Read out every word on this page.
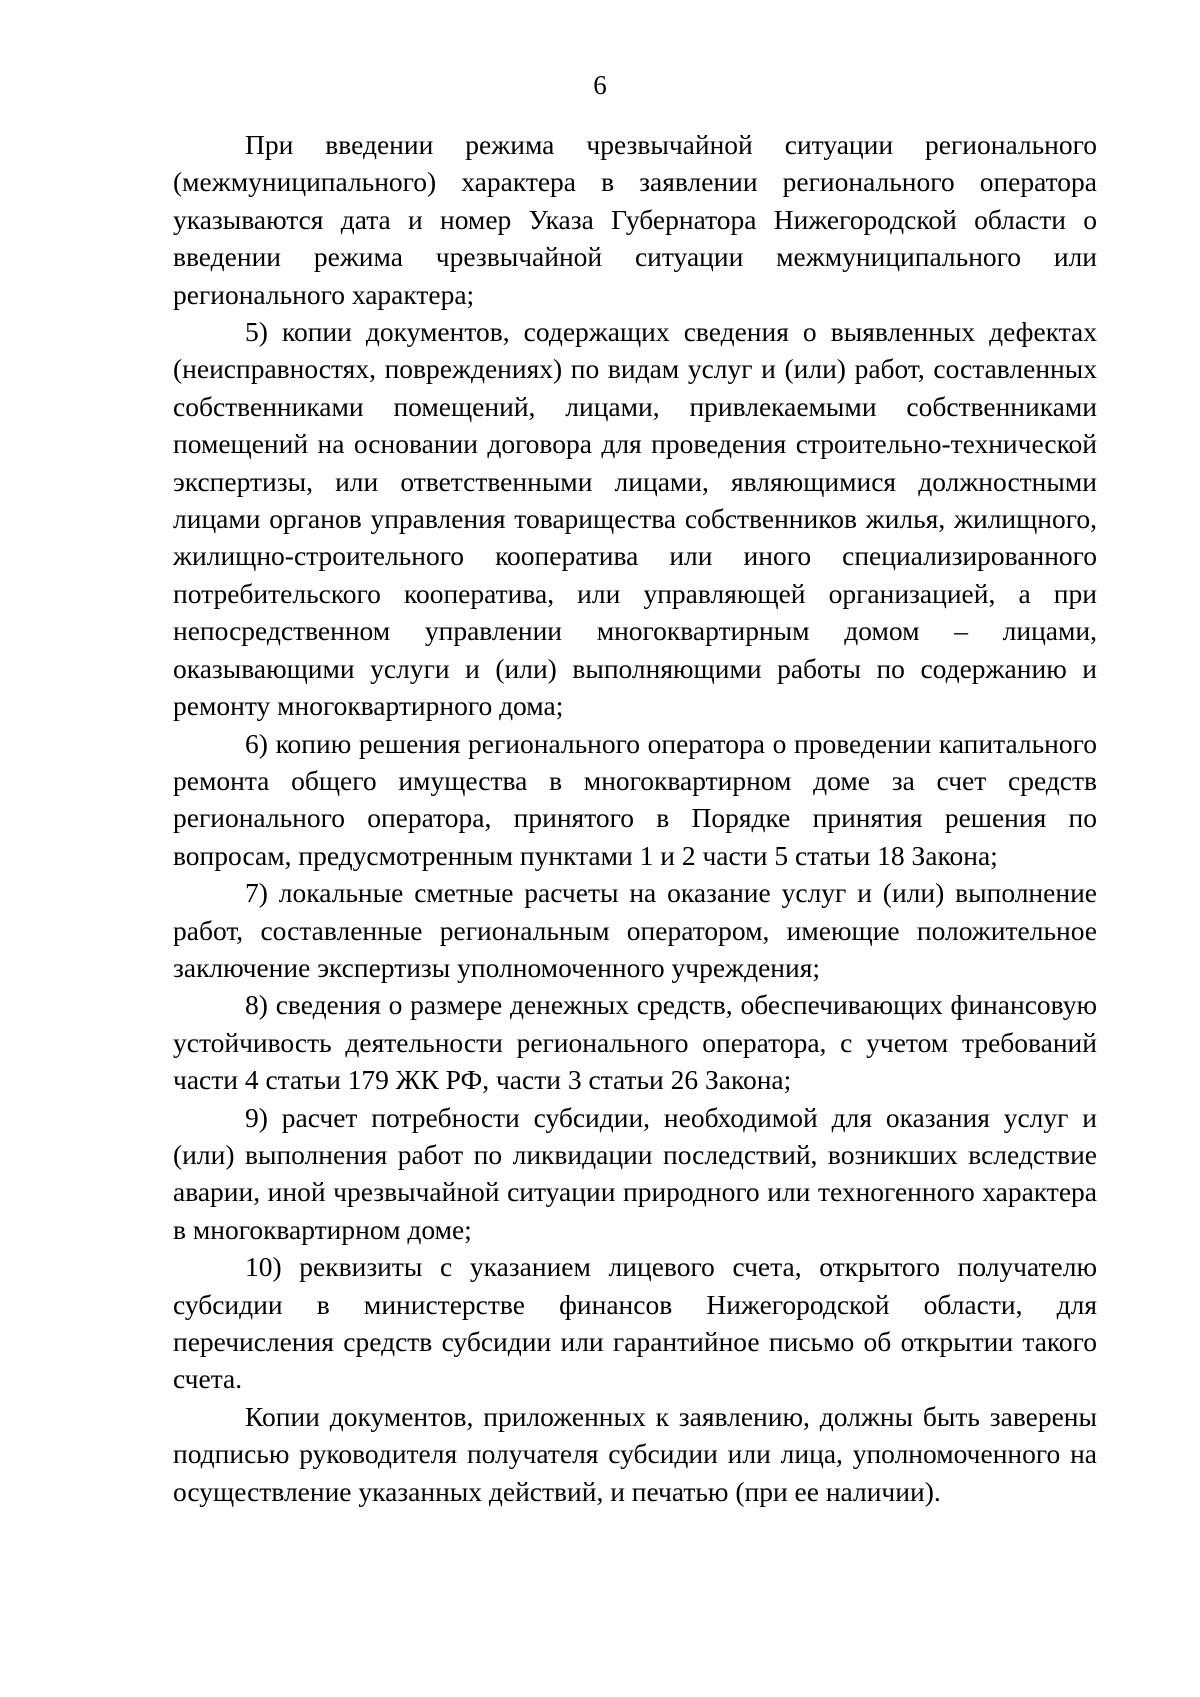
6

При введении режима чрезвычайной ситуации регионального (межмуниципального) характера в заявлении регионального оператора указываются дата и номер Указа Губернатора Нижегородской области о введении режима чрезвычайной ситуации межмуниципального или регионального характера;

5) копии документов, содержащих сведения о выявленных дефектах (неисправностях, повреждениях) по видам услуг и (или) работ, составленных собственниками помещений, лицами, привлекаемыми собственниками помещений на основании договора для проведения строительно-технической экспертизы, или ответственными лицами, являющимися должностными лицами органов управления товарищества собственников жилья, жилищного, жилищно-строительного кооператива или иного специализированного потребительского кооператива, или управляющей организацией, а при непосредственном управлении многоквартирным домом – лицами, оказывающими услуги и (или) выполняющими работы по содержанию и ремонту многоквартирного дома;

6) копию решения регионального оператора о проведении капитального ремонта общего имущества в многоквартирном доме за счет средств регионального оператора, принятого в Порядке принятия решения по вопросам, предусмотренным пунктами 1 и 2 части 5 статьи 18 Закона;

7) локальные сметные расчеты на оказание услуг и (или) выполнение работ, составленные региональным оператором, имеющие положительное заключение экспертизы уполномоченного учреждения;

8) сведения о размере денежных средств, обеспечивающих финансовую устойчивость деятельности регионального оператора, с учетом требований части 4 статьи 179 ЖК РФ, части 3 статьи 26 Закона;

9) расчет потребности субсидии, необходимой для оказания услуг и (или) выполнения работ по ликвидации последствий, возникших вследствие аварии, иной чрезвычайной ситуации природного или техногенного характера в многоквартирном доме;

10) реквизиты с указанием лицевого счета, открытого получателю субсидии в министерстве финансов Нижегородской области, для перечисления средств субсидии или гарантийное письмо об открытии такого счета.

Копии документов, приложенных к заявлению, должны быть заверены подписью руководителя получателя субсидии или лица, уполномоченного на осуществление указанных действий, и печатью (при ее наличии).
